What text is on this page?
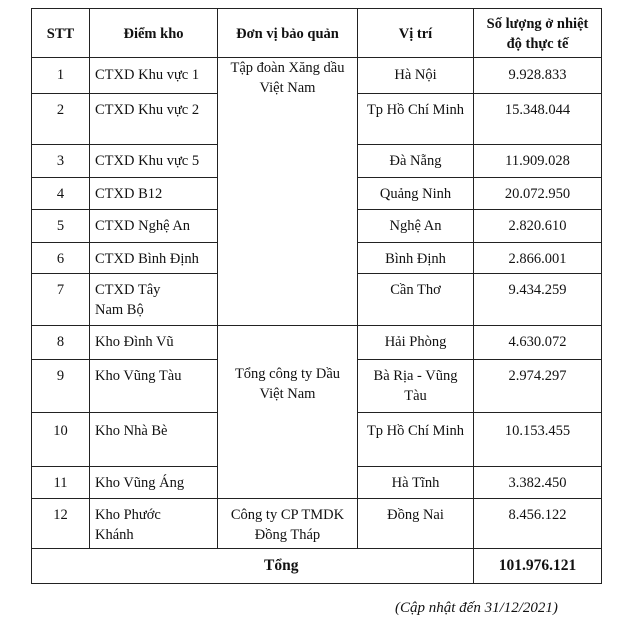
STT	Điểm kho	Đơn vị bảo quản	Vị trí	Số lượng ở nhiệt độ thực tế
1	CTXD Khu vực 1	Tập đoàn Xăng dầu Việt Nam	Hà Nội	9.928.833
2	CTXD Khu vực 2		Tp Hồ Chí Minh	15.348.044
3	CTXD Khu vực 5		Đà Nẵng	11.909.028
4	CTXD B12		Quảng Ninh	20.072.950
5	CTXD Nghệ An		Nghệ An	2.820.610
6	CTXD Bình Định		Bình Định	2.866.001
7	CTXD Tây Nam Bộ		Cần Thơ	9.434.259
8	Kho Đình Vũ	Tổng công ty Dầu Việt Nam	Hải Phòng	4.630.072
9	Kho Vũng Tàu		Bà Rịa - Vũng Tàu	2.974.297
10	Kho Nhà Bè		Tp Hồ Chí Minh	10.153.455
11	Kho Vũng Áng		Hà Tĩnh	3.382.450
12	Kho Phước Khánh	Công ty CP TMDK Đồng Tháp	Đồng Nai	8.456.122
	Tổng			101.976.121
(Cập nhật đến 31/12/2021)
